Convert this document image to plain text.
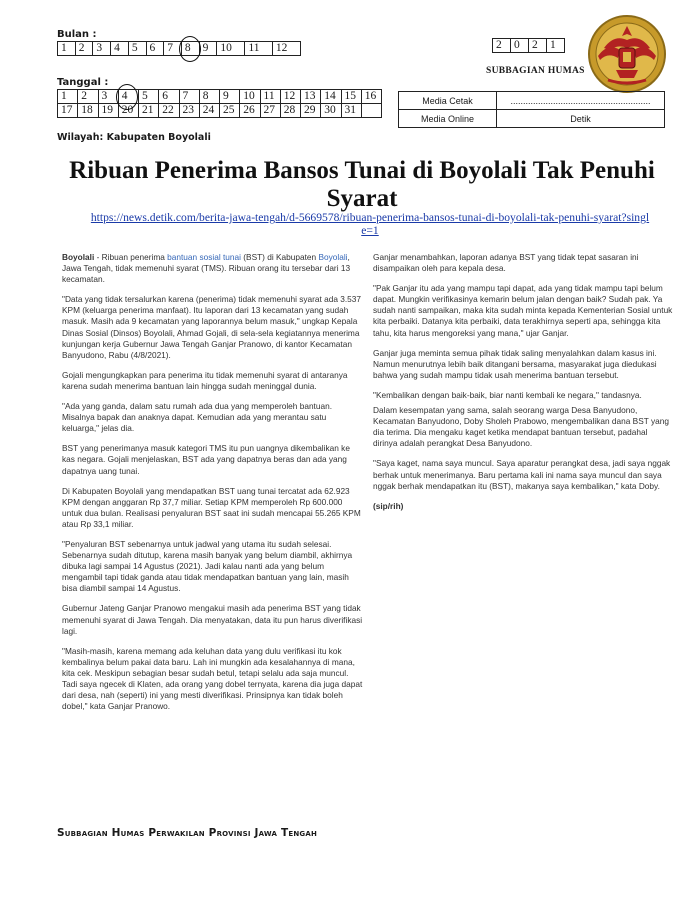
Bulan :
1	2	3	4	5	6	7	8	9	10	11	12	2	0	2	1
SUBBAGIAN HUMAS
Tanggal :
1	2	3	4	5	6	7	8	9	10	11	12	13	14	15	16
17	18	19	20	21	22	23	24	25	26	27	28	29	30	31	
Media Cetak	........................................................
Media Online	Detik
Wilayah: Kabupaten Boyolali
Ribuan Penerima Bansos Tunai di Boyolali Tak Penuhi Syarat
https://news.detik.com/berita-jawa-tengah/d-5669578/ribuan-penerima-bansos-tunai-di-boyolali-tak-penuhi-syarat?single=1

Boyolali - Ribuan penerima bantuan sosial tunai (BST) di Kabupaten Boyolali, Jawa Tengah, tidak memenuhi syarat (TMS). Ribuan orang itu tersebar dari 13 kecamatan.

"Data yang tidak tersalurkan karena (penerima) tidak memenuhi syarat ada 3.537 KPM (keluarga penerima manfaat). Itu laporan dari 13 kecamatan yang sudah masuk. Masih ada 9 kecamatan yang laporannya belum masuk," ungkap Kepala Dinas Sosial (Dinsos) Boyolali, Ahmad Gojali, di sela-sela kegiatannya menerima kunjungan kerja Gubernur Jawa Tengah Ganjar Pranowo, di kantor Kecamatan Banyudono, Rabu (4/8/2021).

Gojali mengungkapkan para penerima itu tidak memenuhi syarat di antaranya karena sudah menerima bantuan lain hingga sudah meninggal dunia.

"Ada yang ganda, dalam satu rumah ada dua yang memperoleh bantuan. Misalnya bapak dan anaknya dapat. Kemudian ada yang merantau satu keluarga," jelas dia.

BST yang penerimanya masuk kategori TMS itu pun uangnya dikembalikan ke kas negara. Gojali menjelaskan, BST ada yang dapatnya beras dan ada yang dapatnya uang tunai.

Di Kabupaten Boyolali yang mendapatkan BST uang tunai tercatat ada 62.923 KPM dengan anggaran Rp 37,7 miliar. Setiap KPM memperoleh Rp 600.000 untuk dua bulan. Realisasi penyaluran BST saat ini sudah mencapai 55.265 KPM atau Rp 33,1 miliar.

"Penyaluran BST sebenarnya untuk jadwal yang utama itu sudah selesai. Sebenarnya sudah ditutup, karena masih banyak yang belum diambil, akhirnya dibuka lagi sampai 14 Agustus (2021). Jadi kalau nanti ada yang belum mengambil tapi tidak ganda atau tidak mendapatkan bantuan yang lain, masih bisa diambil sampai 14 Agustus.

Gubernur Jateng Ganjar Pranowo mengakui masih ada penerima BST yang tidak memenuhi syarat di Jawa Tengah. Dia menyatakan, data itu pun harus diverifikasi lagi.

"Masih-masih, karena memang ada keluhan data yang dulu verifikasi itu kok kembalinya belum pakai data baru. Lah ini mungkin ada kesalahannya di mana, kita cek. Meskipun sebagian besar sudah betul, tetapi selalu ada saja muncul. Tadi saya ngecek di Klaten, ada orang yang dobel ternyata, karena dia juga dapat dari desa, nah (seperti) ini yang mesti diverifikasi. Prinsipnya kan tidak boleh dobel," kata Ganjar Pranowo.

Ganjar menambahkan, laporan adanya BST yang tidak tepat sasaran ini disampaikan oleh para kepala desa.

"Pak Ganjar itu ada yang mampu tapi dapat, ada yang tidak mampu tapi belum dapat. Mungkin verifikasinya kemarin belum jalan dengan baik? Sudah pak. Ya sudah nanti sampaikan, maka kita sudah minta kepada Kementerian Sosial untuk kita perbaiki. Datanya kita perbaiki, data terakhirnya seperti apa, sehingga kita tahu, kita harus mengoreksi yang mana," ujar Ganjar.

Ganjar juga meminta semua pihak tidak saling menyalahkan dalam kasus ini. Namun menurutnya lebih baik ditangani bersama, masyarakat juga diedukasi bahwa yang sudah mampu tidak usah menerima bantuan tersebut.

"Kembalikan dengan baik-baik, biar nanti kembali ke negara," tandasnya.

Dalam kesempatan yang sama, salah seorang warga Desa Banyudono, Kecamatan Banyudono, Doby Sholeh Prabowo, mengembalikan dana BST yang dia terima. Dia mengaku kaget ketika mendapat bantuan tersebut, padahal dirinya adalah perangkat Desa Banyudono.

"Saya kaget, nama saya muncul. Saya aparatur perangkat desa, jadi saya nggak berhak untuk menerimanya. Baru pertama kali ini nama saya muncul dan saya nggak berhak mendapatkan itu (BST), makanya saya kembalikan," kata Doby.

(sip/rih)

Subbagian Humas Perwakilan Provinsi Jawa Tengah
